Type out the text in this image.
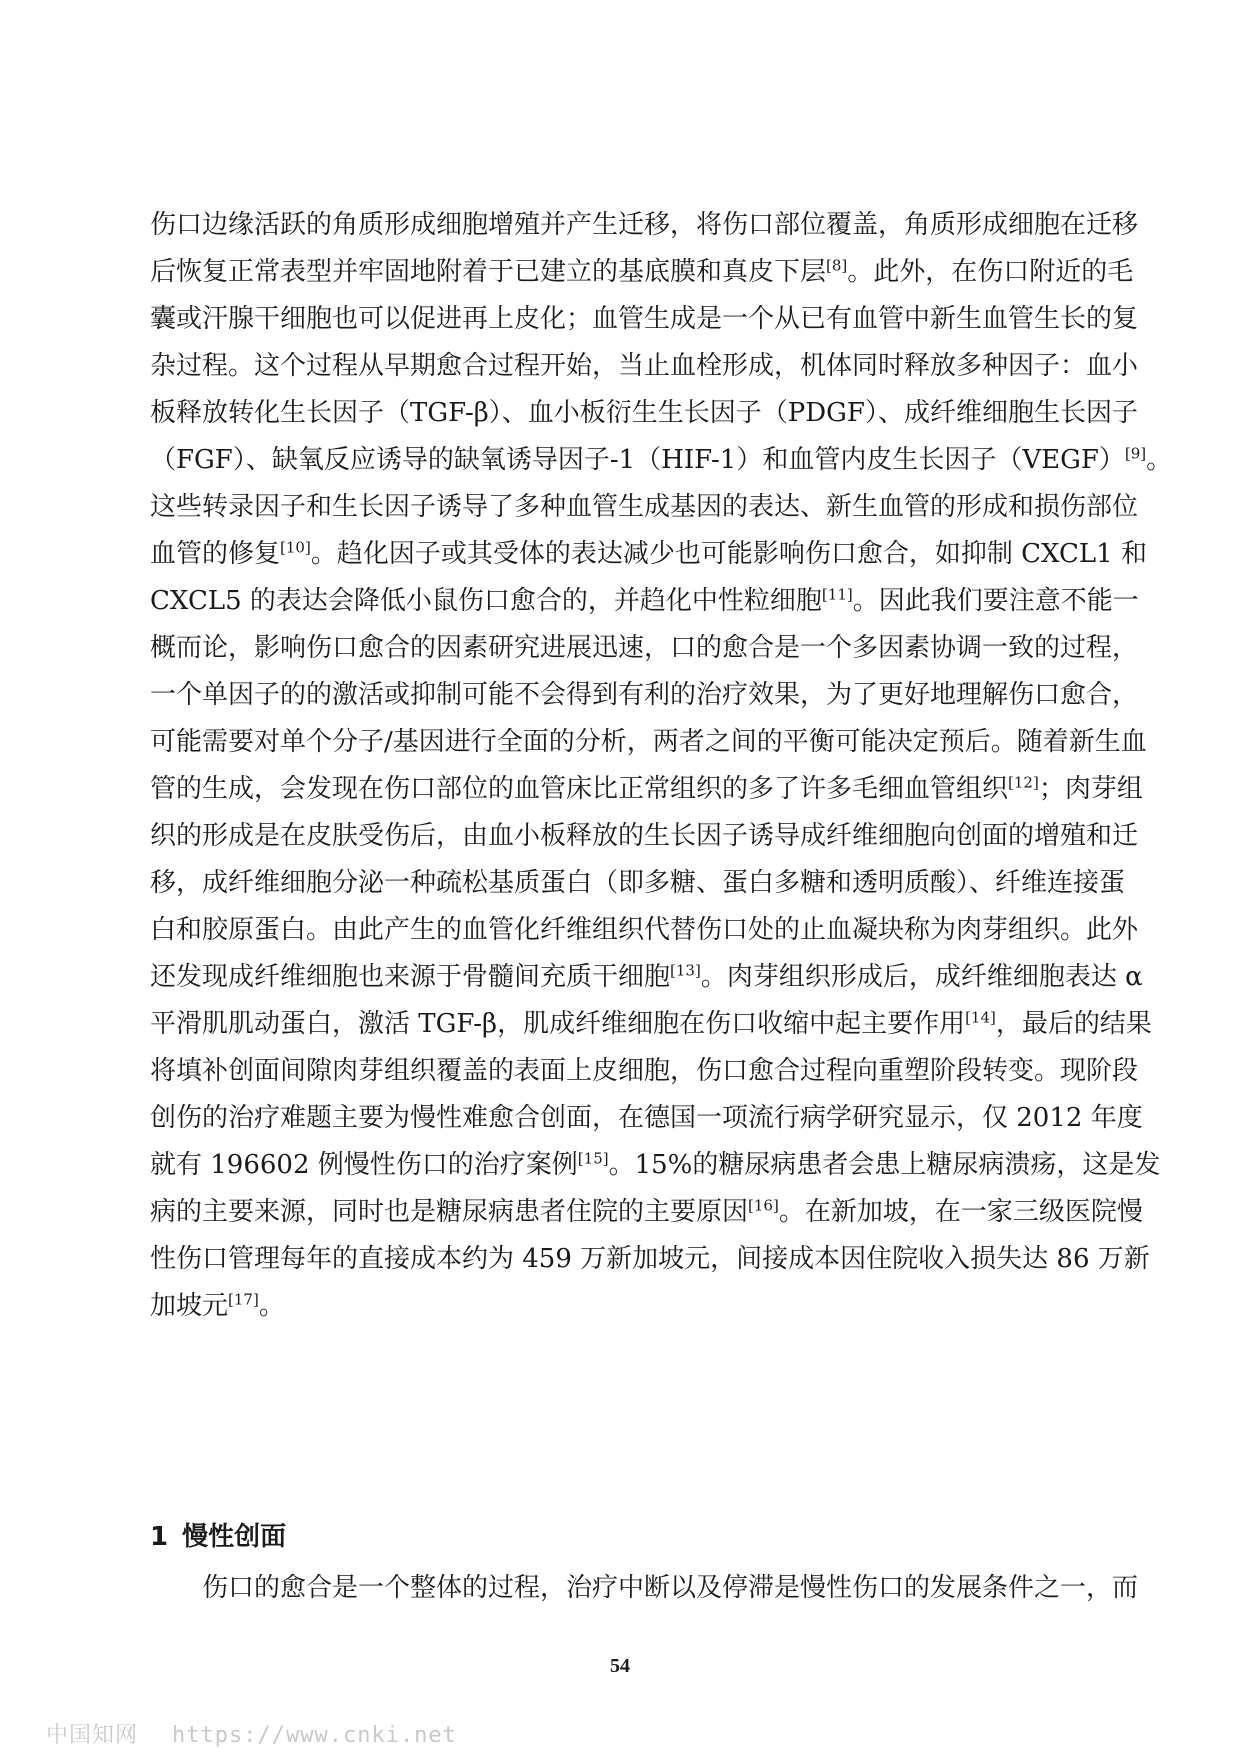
伤口边缘活跃的角质形成细胞增殖并产生迁移，将伤口部位覆盖，角质形成细胞在迁移
后恢复正常表型并牢固地附着于已建立的基底膜和真皮下层[8]。此外，在伤口附近的毛
囊或汗腺干细胞也可以促进再上皮化；血管生成是一个从已有血管中新生血管生长的复
杂过程。这个过程从早期愈合过程开始，当止血栓形成，机体同时释放多种因子：血小
板释放转化生长因子（TGF-β）、血小板衍生生长因子（PDGF）、成纤维细胞生长因子
（FGF）、缺氧反应诱导的缺氧诱导因子-1（HIF-1）和血管内皮生长因子（VEGF）[9]。
这些转录因子和生长因子诱导了多种血管生成基因的表达、新生血管的形成和损伤部位
血管的修复[10]。趋化因子或其受体的表达减少也可能影响伤口愈合，如抑制 CXCL1 和
CXCL5 的表达会降低小鼠伤口愈合的，并趋化中性粒细胞[11]。因此我们要注意不能一
概而论，影响伤口愈合的因素研究进展迅速，口的愈合是一个多因素协调一致的过程，
一个单因子的的激活或抑制可能不会得到有利的治疗效果，为了更好地理解伤口愈合，
可能需要对单个分子/基因进行全面的分析，两者之间的平衡可能决定预后。随着新生血
管的生成，会发现在伤口部位的血管床比正常组织的多了许多毛细血管组织[12]；肉芽组
织的形成是在皮肤受伤后，由血小板释放的生长因子诱导成纤维细胞向创面的增殖和迁
移，成纤维细胞分泌一种疏松基质蛋白（即多糖、蛋白多糖和透明质酸）、纤维连接蛋
白和胶原蛋白。由此产生的血管化纤维组织代替伤口处的止血凝块称为肉芽组织。此外
还发现成纤维细胞也来源于骨髓间充质干细胞[13]。肉芽组织形成后，成纤维细胞表达 α
平滑肌肌动蛋白，激活 TGF-β，肌成纤维细胞在伤口收缩中起主要作用[14]，最后的结果
将填补创面间隙肉芽组织覆盖的表面上皮细胞，伤口愈合过程向重塑阶段转变。现阶段
创伤的治疗难题主要为慢性难愈合创面，在德国一项流行病学研究显示，仅 2012 年度
就有 196602 例慢性伤口的治疗案例[15]。15%的糖尿病患者会患上糖尿病溃疡，这是发
病的主要来源，同时也是糖尿病患者住院的主要原因[16]。在新加坡，在一家三级医院慢
性伤口管理每年的直接成本约为 459 万新加坡元，间接成本因住院收入损失达 86 万新
加坡元[17]。
1 慢性创面
伤口的愈合是一个整体的过程，治疗中断以及停滞是慢性伤口的发展条件之一，而
54
中国知网 https://www.cnki.net
